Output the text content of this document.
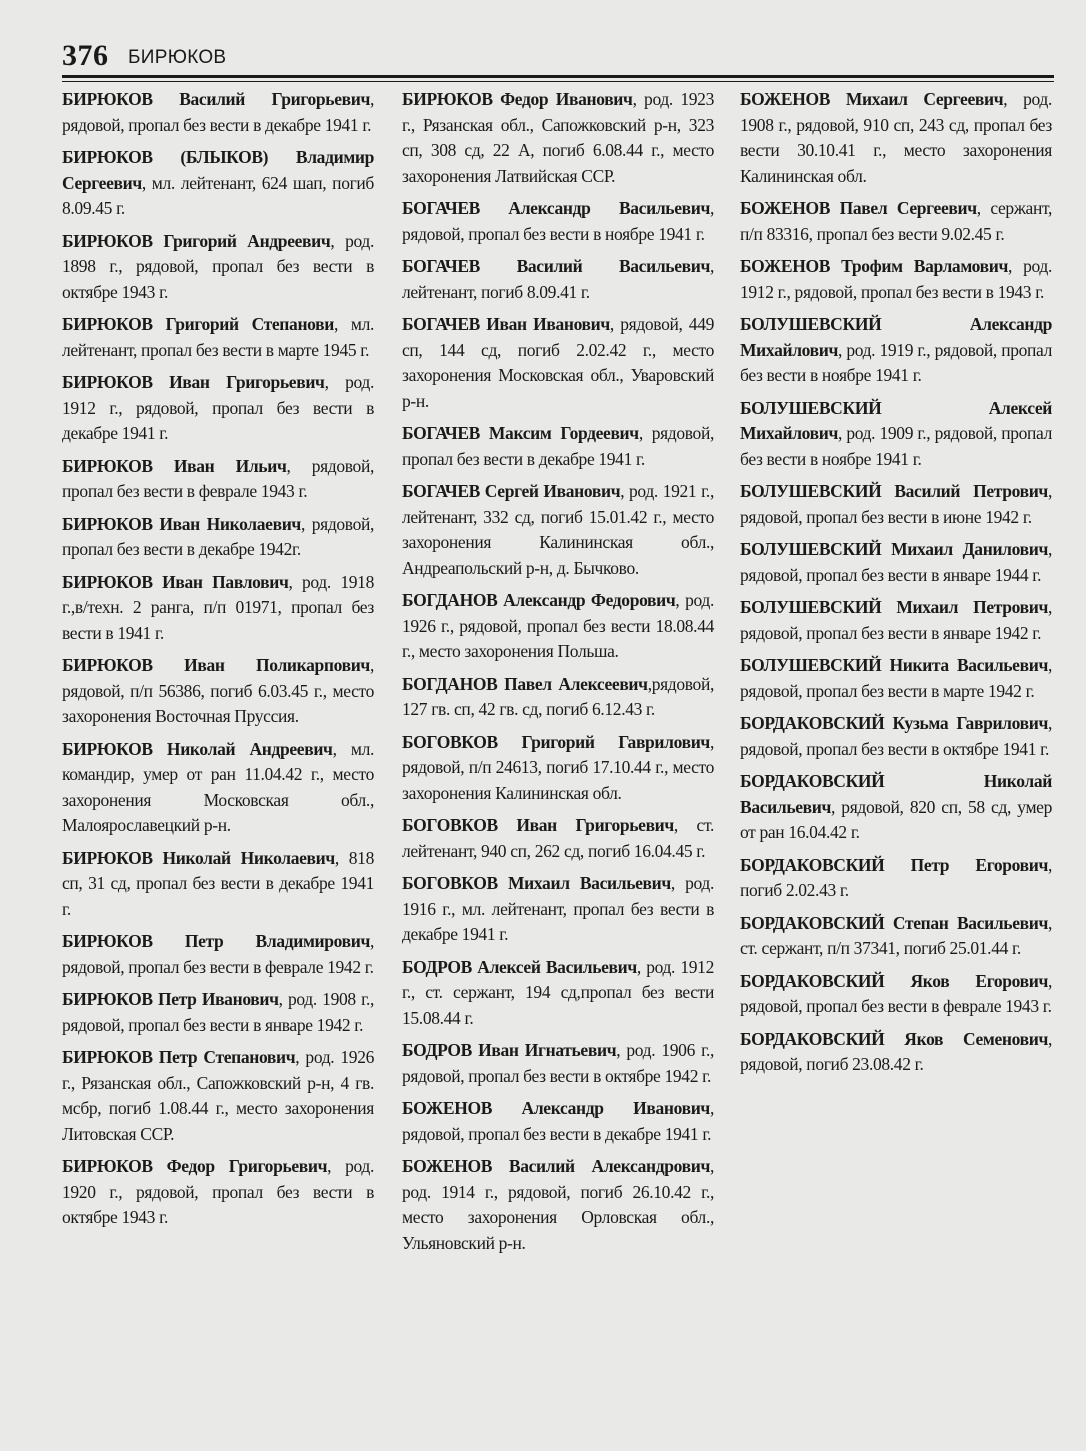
376 БИРЮКОВ

БИРЮКОВ Василий Григорьевич, рядовой, пропал без вести в декабре 1941 г.

БИРЮКОВ (БЛЫКОВ) Владимир Сергеевич, мл. лейтенант, 624 шап, погиб 8.09.45 г.

БИРЮКОВ Григорий Андреевич, род. 1898 г., рядовой, пропал без вести в октябре 1943 г.

БИРЮКОВ Григорий Степанови, мл. лейтенант, пропал без вести в марте 1945 г.

БИРЮКОВ Иван Григорьевич, род. 1912 г., рядовой, пропал без вести в декабре 1941 г.

БИРЮКОВ Иван Ильич, рядовой, пропал без вести в феврале 1943 г.

БИРЮКОВ Иван Николаевич, рядовой, пропал без вести в декабре 1942г.

БИРЮКОВ Иван Павлович, род. 1918 г.,в/техн. 2 ранга, п/п 01971, пропал без вести в 1941 г.

БИРЮКОВ Иван Поликарпович, рядовой, п/п 56386, погиб 6.03.45 г., место захоронения Восточная Пруссия.

БИРЮКОВ Николай Андреевич, мл. командир, умер от ран 11.04.42 г., место захоронения Московская обл., Малоярославецкий р-н.

БИРЮКОВ Николай Николаевич, 818 сп, 31 сд, пропал без вести в декабре 1941 г.

БИРЮКОВ Петр Владимирович, рядовой, пропал без вести в феврале 1942 г.

БИРЮКОВ Петр Иванович, род. 1908 г., рядовой, пропал без вести в январе 1942 г.

БИРЮКОВ Петр Степанович, род. 1926 г., Рязанская обл., Сапожковский р-н, 4 гв. мсбр, погиб 1.08.44 г., место захоронения Литовская ССР.

БИРЮКОВ Федор Григорьевич, род. 1920 г., рядовой, пропал без вести в октябре 1943 г.

БИРЮКОВ Федор Иванович, род. 1923 г., Рязанская обл., Сапожковский р-н, 323 сп, 308 сд, 22 А, погиб 6.08.44 г., место захоронения Латвийская ССР.

БОГАЧЕВ Александр Васильевич, рядовой, пропал без вести в ноябре 1941 г.

БОГАЧЕВ Василий Васильевич, лейтенант, погиб 8.09.41 г.

БОГАЧЕВ Иван Иванович, рядовой, 449 сп, 144 сд, погиб 2.02.42 г., место захоронения Московская обл., Уваровский р-н.

БОГАЧЕВ Максим Гордеевич, рядовой, пропал без вести в декабре 1941 г.

БОГАЧЕВ Сергей Иванович, род. 1921 г., лейтенант, 332 сд, погиб 15.01.42 г., место захоронения Калининская обл., Андреапольский р-н, д. Бычково.

БОГДАНОВ Александр Федорович, род. 1926 г., рядовой, пропал без вести 18.08.44 г., место захоронения Польша.

БОГДАНОВ Павел Алексеевич,рядовой, 127 гв. сп, 42 гв. сд, погиб 6.12.43 г.

БОГОВКОВ Григорий Гаврилович, рядовой, п/п 24613, погиб 17.10.44 г., место захоронения Калининская обл.

БОГОВКОВ Иван Григорьевич, ст. лейтенант, 940 сп, 262 сд, погиб 16.04.45 г.

БОГОВКОВ Михаил Васильевич, род. 1916 г., мл. лейтенант, пропал без вести в декабре 1941 г.

БОДРОВ Алексей Васильевич, род. 1912 г., ст. сержант, 194 сд,пропал без вести 15.08.44 г.

БОДРОВ Иван Игнатьевич, род. 1906 г., рядовой, пропал без вести в октябре 1942 г.

БОЖЕНОВ Александр Иванович, рядовой, пропал без вести в декабре 1941 г.

БОЖЕНОВ Василий Александрович, род. 1914 г., рядовой, погиб 26.10.42 г., место захоронения Орловская обл., Ульяновский р-н.

БОЖЕНОВ Михаил Сергеевич, род. 1908 г., рядовой, 910 сп, 243 сд, пропал без вести 30.10.41 г., место захоронения Калининская обл.

БОЖЕНОВ Павел Сергеевич, сержант, п/п 83316, пропал без вести 9.02.45 г.

БОЖЕНОВ Трофим Варламович, род. 1912 г., рядовой, пропал без вести в 1943 г.

БОЛУШЕВСКИЙ Александр Михайлович, род. 1919 г., рядовой, пропал без вести в ноябре 1941 г.

БОЛУШЕВСКИЙ Алексей Михайлович, род. 1909 г., рядовой, пропал без вести в ноябре 1941 г.

БОЛУШЕВСКИЙ Василий Петрович, рядовой, пропал без вести в июне 1942 г.

БОЛУШЕВСКИЙ Михаил Данилович, рядовой, пропал без вести в январе 1944 г.

БОЛУШЕВСКИЙ Михаил Петрович, рядовой, пропал без вести в январе 1942 г.

БОЛУШЕВСКИЙ Никита Васильевич, рядовой, пропал без вести в марте 1942 г.

БОРДАКОВСКИЙ Кузьма Гаврилович, рядовой, пропал без вести в октябре 1941 г.

БОРДАКОВСКИЙ Николай Васильевич, рядовой, 820 сп, 58 сд, умер от ран 16.04.42 г.

БОРДАКОВСКИЙ Петр Егорович, погиб 2.02.43 г.

БОРДАКОВСКИЙ Степан Васильевич, ст. сержант, п/п 37341, погиб 25.01.44 г.

БОРДАКОВСКИЙ Яков Егорович, рядовой, пропал без вести в феврале 1943 г.

БОРДАКОВСКИЙ Яков Семенович, рядовой, погиб 23.08.42 г.
